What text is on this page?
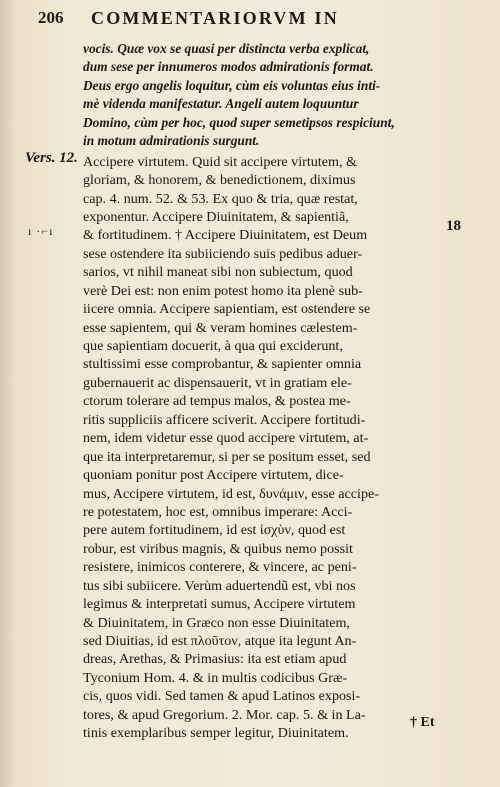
206 COMMENTARIORVM IN
Vers. 12.
ı ·⌐ı	18
vocis. Quæ vox se quasi per distincta verba explicat,
dum sese per innumeros modos admirationis format.
Deus ergo angelis loquitur, cùm eis voluntas eius inti-
mè videnda manifestatur. Angeli autem loquuntur
Domino, cùm per hoc, quod super semetipsos respiciunt,
in motum admirationis surgunt.
Accipere virtutem. Quid sit accipere virtutem, &
gloriam, & honorem, & benedictionem, diximus
cap. 4. num. 52. & 53. Ex quo & tria, quæ restat,
exponentur. Accipere Diuinitatem, & sapientiã,
& fortitudinem. † Accipere Diuinitatem, est Deum
sese ostendere ita subiiciendo suis pedibus aduer-
sarios, vt nihil maneat sibi non subiectum, quod
verè Dei est: non enim potest homo ita plenè sub-
iicere omnia. Accipere sapientiam, est ostendere se
esse sapientem, qui & veram homines cælestem-
que sapientiam docuerit, à qua qui exciderunt,
stultissimi esse comprobantur, & sapienter omnia
gubernauerit ac dispensauerit, vt in gratiam ele-
ctorum tolerare ad tempus malos, & postea me-
ritis suppliciis afficere sciverit. Accipere fortitudi-
nem, idem videtur esse quod accipere virtutem, at-
que ita interpretaremur, si per se positum esset, sed
quoniam ponitur post Accipere virtutem, dice-
mus, Accipere virtutem, id est, δυνάμιν, esse accipe-
re potestatem, hoc est, omnibus imperare: Acci-
pere autem fortitudinem, id est ἰσχὺν, quod est
robur, est viribus magnis, & quibus nemo possit
resistere, inimicos conterere, & vincere, ac peni-
tus sibi subiicere. Verùm aduertendũ est, vbi nos
legimus & interpretati sumus, Accipere virtutem
& Diuinitatem, in Græco non esse Diuinitatem,
sed Diuitias, id est πλοῦτον, atque ita legunt An-
dreas, Arethas, & Primasius: ita est etiam apud
Tyconium Hom. 4. & in multis codicibus Græ-
cis, quos vidi. Sed tamen & apud Latinos exposi-
tores, & apud Gregorium. 2. Mor. cap. 5. & in La-
tinis exemplaribus semper legitur, Diuinitatem.
† Et
